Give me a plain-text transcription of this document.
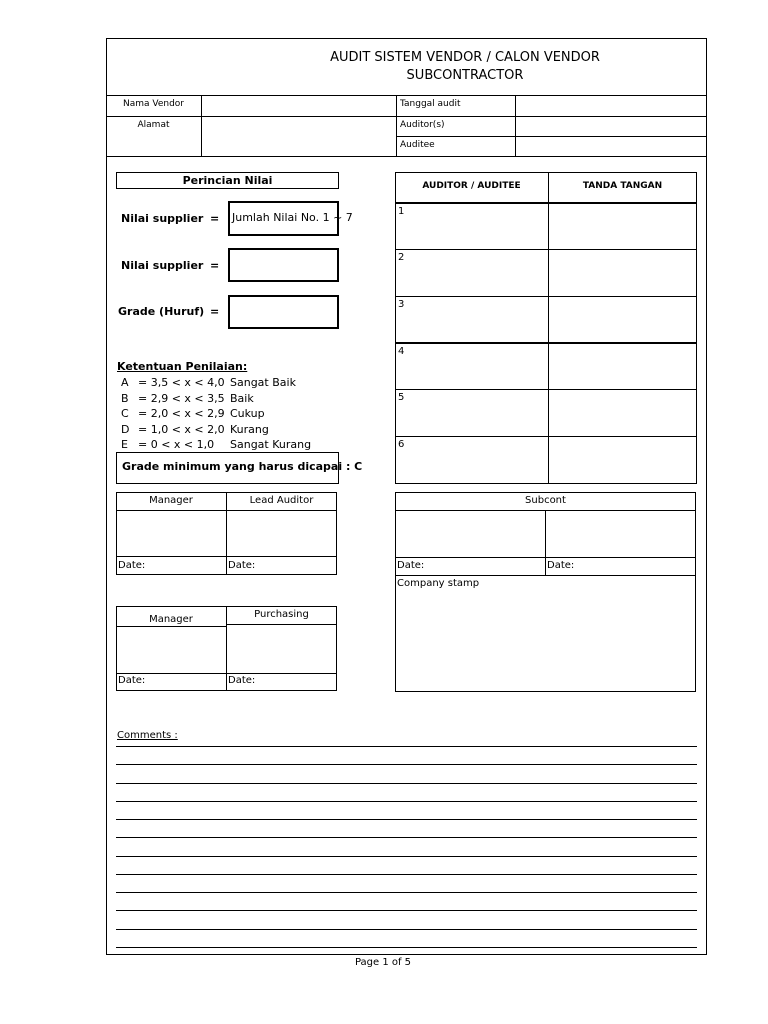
AUDIT SISTEM VENDOR / CALON VENDOR
SUBCONTRACTOR
Nama Vendor
Alamat
Tanggal audit
Auditor(s)
Auditee
Perincian Nilai
Nilai supplier =	Jumlah Nilai No. 1 ~ 7
Nilai supplier =
Grade (Huruf) =
Ketentuan Penilaian:
A = 3,5 < x < 4,0 Sangat Baik
B = 2,9 < x < 3,5 Baik
C = 2,0 < x < 2,9 Cukup
D = 1,0 < x < 2,0 Kurang
E = 0 < x < 1,0 Sangat Kurang
Grade minimum yang harus dicapai : C
AUDITOR / AUDITEE	TANDA TANGAN
1
2
3
4
5
6
Manager	Lead Auditor
Date:	Date:
Manager	Purchasing
Date:	Date:
Subcont
Date:	Date:
Company stamp
Comments :
Page 1 of 5
